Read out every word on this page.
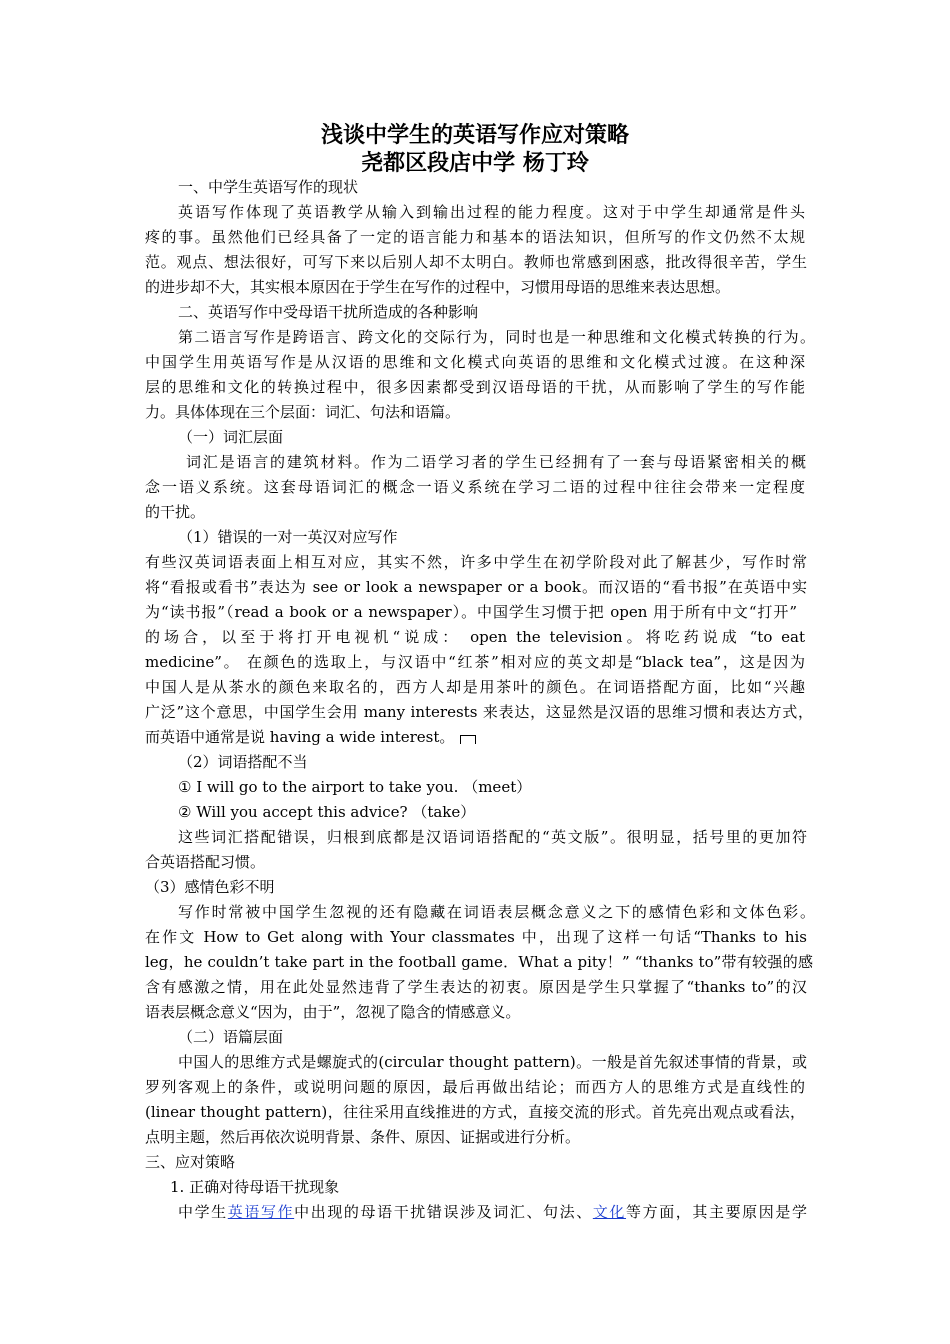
浅谈中学生的英语写作应对策略
尧都区段店中学 杨丁玲
一、中学生英语写作的现状
英语写作体现了英语教学从输入到输出过程的能力程度。这对于中学生却通常是件头
疼的事。虽然他们已经具备了一定的语言能力和基本的语法知识，但所写的作文仍然不太规
范。观点、想法很好，可写下来以后别人却不太明白。教师也常感到困惑，批改得很辛苦，学生
的进步却不大，其实根本原因在于学生在写作的过程中，习惯用母语的思维来表达思想。
二、英语写作中受母语干扰所造成的各种影响
第二语言写作是跨语言、跨文化的交际行为，同时也是一种思维和文化模式转换的行为。
中国学生用英语写作是从汉语的思维和文化模式向英语的思维和文化模式过渡。在这种深
层的思维和文化的转换过程中，很多因素都受到汉语母语的干扰，从而影响了学生的写作能
力。具体体现在三个层面：词汇、句法和语篇。
（一）词汇层面
词汇是语言的建筑材料。作为二语学习者的学生已经拥有了一套与母语紧密相关的概
念一语义系统。这套母语词汇的概念一语义系统在学习二语的过程中往往会带来一定程度
的干扰。
（1）错误的一对一英汉对应写作
有些汉英词语表面上相互对应，其实不然，许多中学生在初学阶段对此了解甚少，写作时常
将“看报或看书”表达为 see or look a newspaper or a book。而汉语的“看书报”在英语中实
为“读书报”（read a book or a newspaper）。中国学生习惯于把 open 用于所有中文“打开”
的场合，以至于将打开电视机“说成： open the television。将吃药说成 “to eat
medicine”。 在颜色的选取上，与汉语中“红茶”相对应的英文却是“black tea”，这是因为
中国人是从茶水的颜色来取名的，西方人却是用茶叶的颜色。在词语搭配方面，比如“兴趣
广泛”这个意思，中国学生会用 many interests 来表达，这显然是汉语的思维习惯和表达方式，
而英语中通常是说 having a wide interest。
（2）词语搭配不当
① I will go to the airport to take you. （meet）
② Will you accept this advice? （take）
这些词汇搭配错误，归根到底都是汉语词语搭配的“英文版”。很明显，括号里的更加符
合英语搭配习惯。
（3）感情色彩不明
写作时常被中国学生忽视的还有隐藏在词语表层概念意义之下的感情色彩和文体色彩。
在作文 How to Get along with Your classmates 中，出现了这样一句话“Thanks to his
leg，he couldn’t take part in the football game．What a pity！” “thanks to”带有较强的感
含有感激之情，用在此处显然违背了学生表达的初衷。原因是学生只掌握了“thanks to”的汉
语表层概念意义“因为，由于”，忽视了隐含的情感意义。
（二）语篇层面
中国人的思维方式是螺旋式的(circular thought pattern)。一般是首先叙述事情的背景，或
罗列客观上的条件，或说明问题的原因，最后再做出结论；而西方人的思维方式是直线性的
(linear thought pattern)，往往采用直线推进的方式，直接交流的形式。首先亮出观点或看法，
点明主题，然后再依次说明背景、条件、原因、证据或进行分析。
三、应对策略
1. 正确对待母语干扰现象
中学生英语写作中出现的母语干扰错误涉及词汇、句法、文化等方面，其主要原因是学
